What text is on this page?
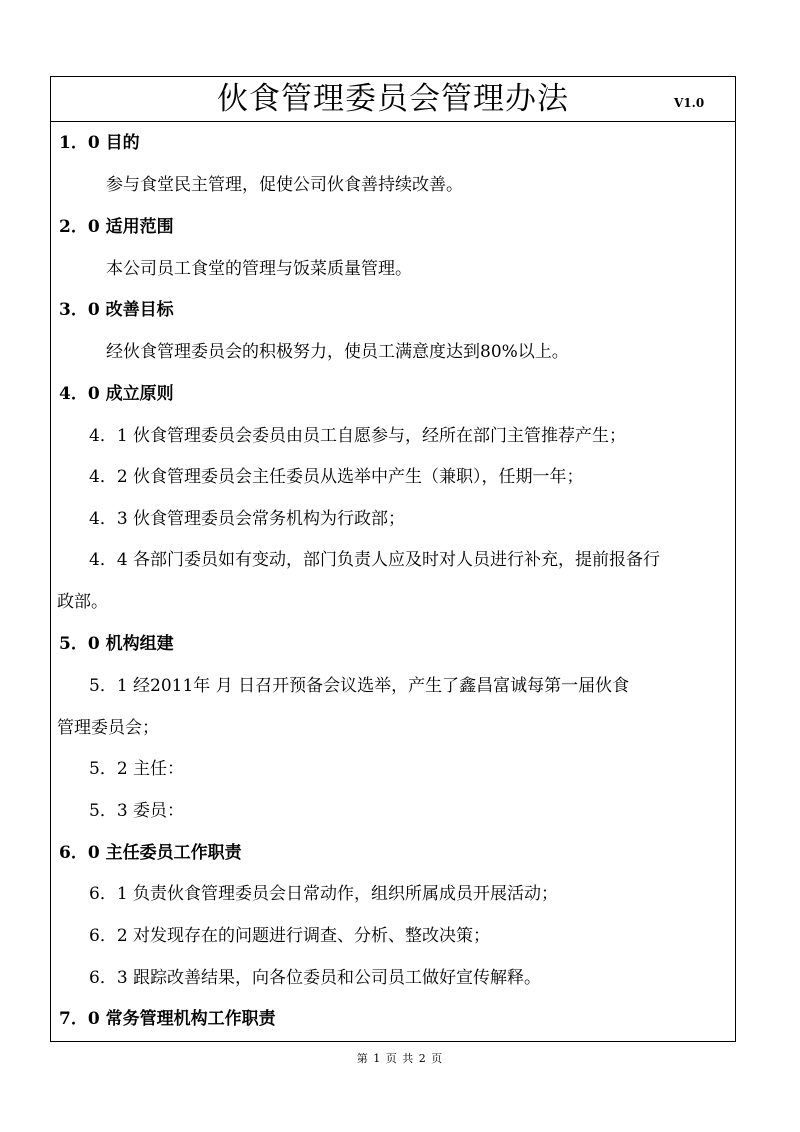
伙食管理委员会管理办法	V1.0
1．0 目的
参与食堂民主管理，促使公司伙食善持续改善。
2．0 适用范围
本公司员工食堂的管理与饭菜质量管理。
3．0 改善目标
经伙食管理委员会的积极努力，使员工满意度达到80%以上。
4．0 成立原则
4．1 伙食管理委员会委员由员工自愿参与，经所在部门主管推荐产生；
4．2 伙食管理委员会主任委员从选举中产生（兼职），任期一年；
4．3 伙食管理委员会常务机构为行政部；
4．4 各部门委员如有变动，部门负责人应及时对人员进行补充，提前报备行
政部。
5．0 机构组建
5．1 经2011年 月 日召开预备会议选举，产生了鑫昌富诚每第一届伙食
管理委员会；
5．2 主任：
5．3 委员：
6．0 主任委员工作职责
6．1 负责伙食管理委员会日常动作，组织所属成员开展活动；
6．2 对发现存在的问题进行调查、分析、整改决策；
6．3 跟踪改善结果，向各位委员和公司员工做好宣传解释。
7．0 常务管理机构工作职责
第 1 页 共 2 页
